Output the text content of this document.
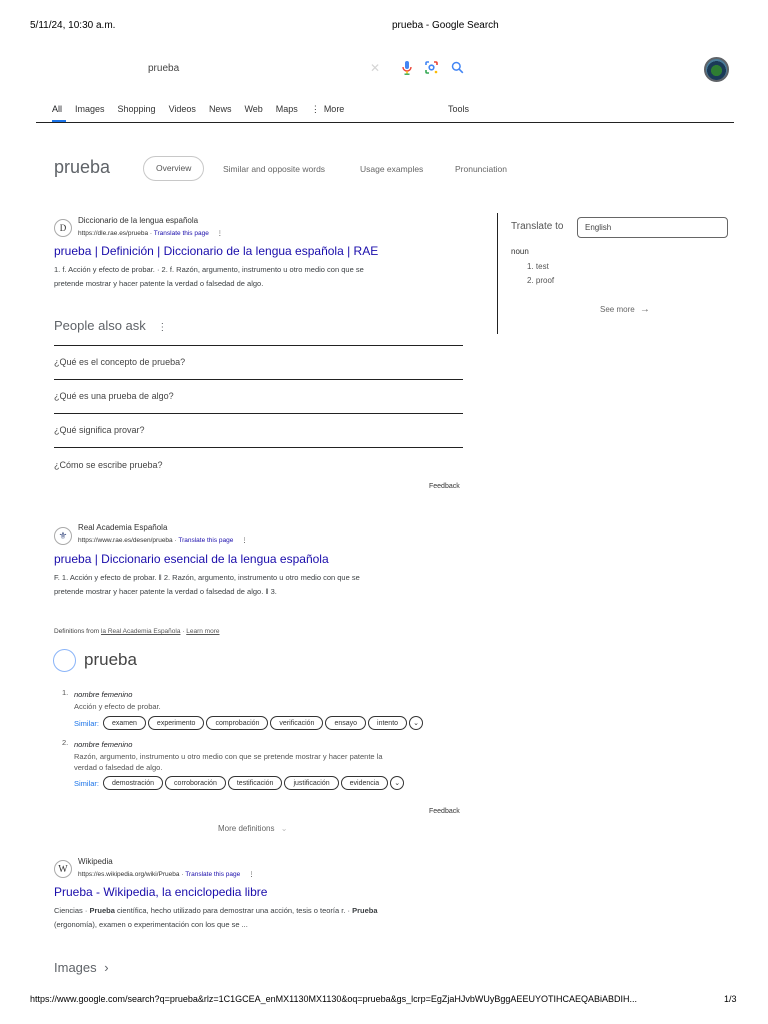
5/11/24, 10:30 a.m.	prueba - Google Search
prueba	✕
All Images Shopping Videos News Web Maps ⋮ More	Tools
prueba	Overview	Similar and opposite words	Usage examples	Pronunciation
D
Diccionario de la lengua española
https://dle.rae.es/prueba · Translate this page ⋮
prueba | Definición | Diccionario de la lengua española | RAE
1. f. Acción y efecto de probar. · 2. f. Razón, argumento, instrumento u otro medio con que se
pretende mostrar y hacer patente la verdad o falsedad de algo.
People also ask ⋮
¿Qué es el concepto de prueba?
¿Qué es una prueba de algo?
¿Qué significa provar?
¿Cómo se escribe prueba?
Feedback
Translate to	English
noun
1. test
2. proof
See more →
⚜
Real Academia Española
https://www.rae.es/desen/prueba · Translate this page ⋮
prueba | Diccionario esencial de la lengua española
F. 1. Acción y efecto de probar. ‖ 2. Razón, argumento, instrumento u otro medio con que se
pretende mostrar y hacer patente la verdad o falsedad de algo. ‖ 3.
Definitions from la Real Academia Española · Learn more
prueba
1. nombre femenino
Acción y efecto de probar.
Similar:	examen	experimento	comprobación	verificación	ensayo	intento	⌄
2. nombre femenino
Razón, argumento, instrumento u otro medio con que se pretende mostrar y hacer patente la
verdad o falsedad de algo.
Similar:	demostración	corroboración	testificación	justificación	evidencia	⌄
Feedback
More definitions ⌄
W
Wikipedia
https://es.wikipedia.org/wiki/Prueba · Translate this page ⋮
Prueba - Wikipedia, la enciclopedia libre
Ciencias · Prueba científica, hecho utilizado para demostrar una acción, tesis o teoría r. · Prueba
(ergonomía), examen o experimentación con los que se ...
Images ›
https://www.google.com/search?q=prueba&rlz=1C1GCEA_enMX1130MX1130&oq=prueba&gs_lcrp=EgZjaHJvbWUyBggAEEUYOTIHCAEQABiABDIH...	1/3
